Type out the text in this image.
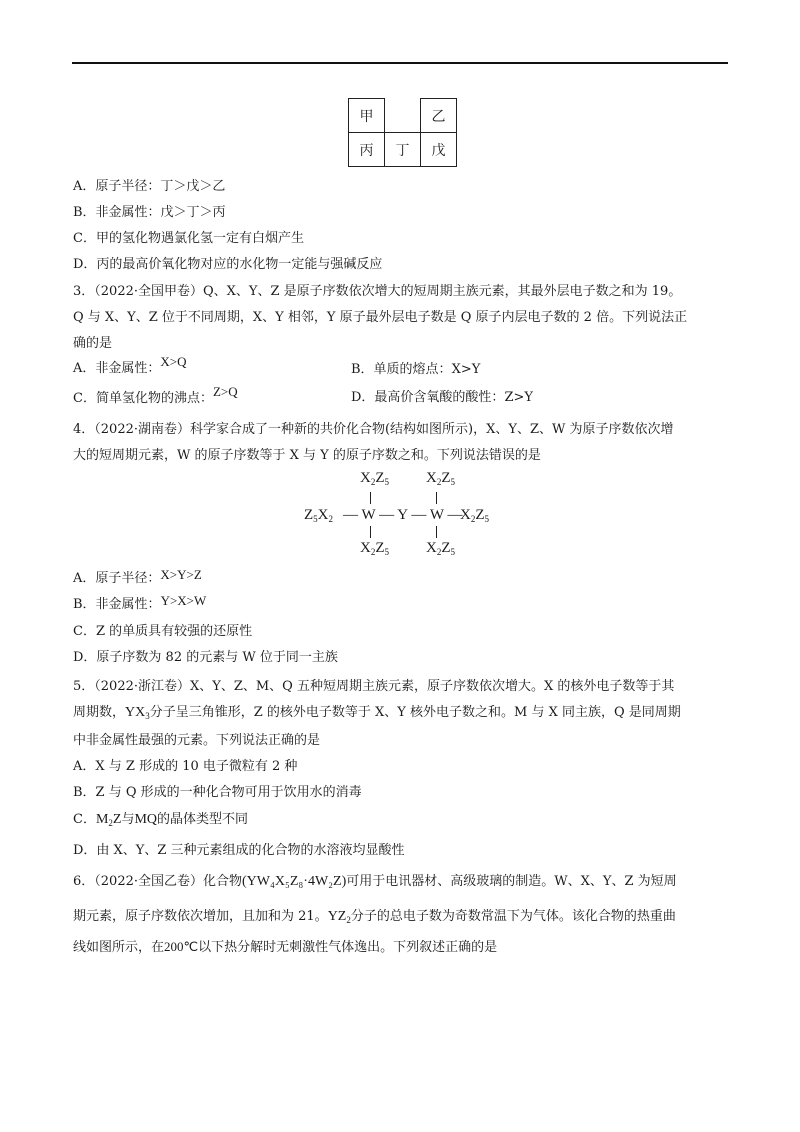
甲		乙
丙	丁	戊
A．原子半径：丁＞戊＞乙
B．非金属性：戊＞丁＞丙
C．甲的氢化物遇氯化氢一定有白烟产生
D．丙的最高价氧化物对应的水化物一定能与强碱反应
3．（2022·全国甲卷）Q、X、Y、Z 是原子序数依次增大的短周期主族元素，其最外层电子数之和为 19。
Q 与 X、Y、Z 位于不同周期，X、Y 相邻，Y 原子最外层电子数是 Q 原子内层电子数的 2 倍。下列说法正
确的是
A．非金属性：X>Q
B．单质的熔点：X>Y
C．简单氢化物的沸点：Z>Q	D．最高价含氧酸的酸性：Z>Y
4．（2022·湖南卷）科学家合成了一种新的共价化合物(结构如图所示)，X、Y、Z、W 为原子序数依次增
大的短周期元素，W 的原子序数等于 X 与 Y 的原子序数之和。下列说法错误的是
$X_2Z_5$ $X_2Z_5$
$Z_5X_2$ — W — Y — W —
$X_2Z_5$
$X_2Z_5$ $X_2Z_5$
A．原子半径：X>Y>Z
B．非金属性：Y>X>W
C．Z 的单质具有较强的还原性
D．原子序数为 82 的元素与 W 位于同一主族
5．（2022·浙江卷）X、Y、Z、M、Q 五种短周期主族元素，原子序数依次增大。X 的核外电子数等于其
周期数，$YX_3$分子呈三角锥形，Z 的核外电子数等于 X、Y 核外电子数之和。M 与 X 同主族，Q 是同周期
中非金属性最强的元素。下列说法正确的是
A．X 与 Z 形成的 10 电子微粒有 2 种
B．Z 与 Q 形成的一种化合物可用于饮用水的消毒
C．$M_2Z$与MQ的晶体类型不同
D．由 X、Y、Z 三种元素组成的化合物的水溶液均显酸性
6．（2022·全国乙卷）化合物(YW₄X₅Z₈·4W₂Z)可用于电讯器材、高级玻璃的制造。W、X、Y、Z 为短周
期元素，原子序数依次增加，且加和为 21。$YZ_2$分子的总电子数为奇数常温下为气体。该化合物的热重曲
线如图所示，在200℃以下热分解时无刺激性气体逸出。下列叙述正确的是
